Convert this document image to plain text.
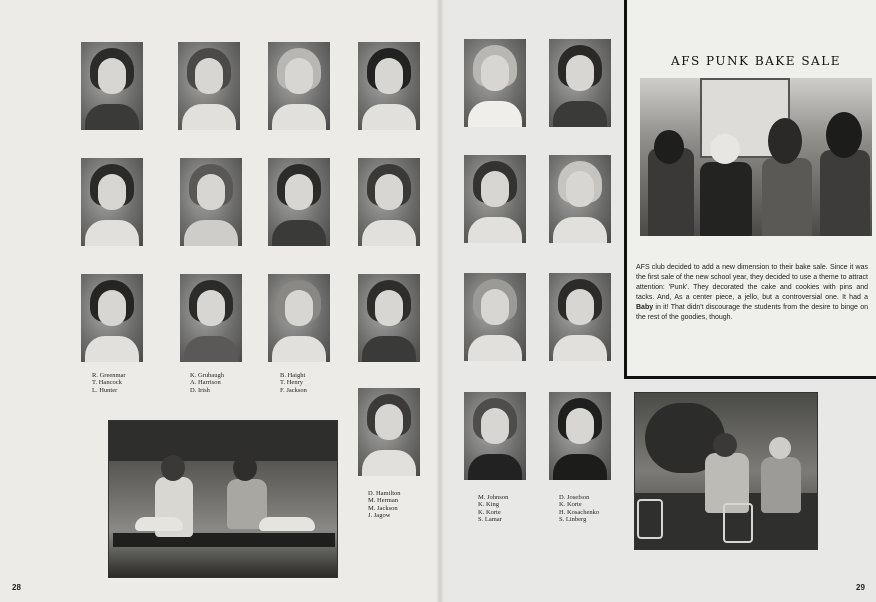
R. Greenmar
T. Hancock
L. Hunter
K. Grubaugh
A. Harrison
D. Irish
B. Haight
T. Henry
F. Jackson
D. Hamilton
M. Herman
M. Jackson
J. Jagow
M. Johnson
K. King
K. Korte
S. Lamar
D. Josefson
K. Korte
H. Kosachenko
S. Linberg
AFS PUNK BAKE SALE
AFS club decided to add a new dimension to their bake sale. Since it was the first sale of the new school year, they decided to use a theme to attract attention: 'Punk'. They decorated the cake and cookies with pins and tacks. And, As a center piece, a jello, but a controversial one. It had a Baby in it! That didn't discourage the students from the desire to binge on the rest of the goodies, though.
28	29
